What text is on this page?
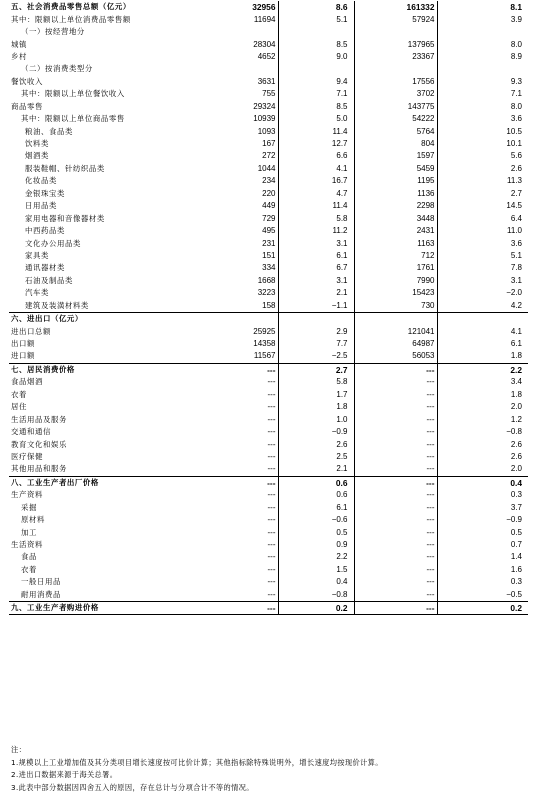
五、社会消费品零售总额（亿元）	32956	8.6	161332	8.1
其中：限额以上单位消费品零售额	11694	5.1	57924	3.9
（一）按经营地分				
城镇	28304	8.5	137965	8.0
乡村	4652	9.0	23367	8.9
（二）按消费类型分				
餐饮收入	3631	9.4	17556	9.3
其中：限额以上单位餐饮收入	755	7.1	3702	7.1
商品零售	29324	8.5	143775	8.0
其中：限额以上单位商品零售	10939	5.0	54222	3.6
粮油、食品类	1093	11.4	5764	10.5
饮料类	167	12.7	804	10.1
烟酒类	272	6.6	1597	5.6
服装鞋帽、针纺织品类	1044	4.1	5459	2.6
化妆品类	234	16.7	1195	11.3
金银珠宝类	220	4.7	1136	2.7
日用品类	449	11.4	2298	14.5
家用电器和音像器材类	729	5.8	3448	6.4
中西药品类	495	11.2	2431	11.0
文化办公用品类	231	3.1	1163	3.6
家具类	151	6.1	712	5.1
通讯器材类	334	6.7	1761	7.8
石油及制品类	1668	3.1	7990	3.1
汽车类	3223	2.1	15423	−2.0
建筑及装潢材料类	158	−1.1	730	4.2
六、进出口（亿元）				
进出口总额	25925	2.9	121041	4.1
出口额	14358	7.7	64987	6.1
进口额	11567	−2.5	56053	1.8
七、居民消费价格	---	2.7	---	2.2
食品烟酒	---	5.8	---	3.4
衣着	---	1.7	---	1.8
居住	---	1.8	---	2.0
生活用品及服务	---	1.0	---	1.2
交通和通信	---	−0.9	---	−0.8
教育文化和娱乐	---	2.6	---	2.6
医疗保健	---	2.5	---	2.6
其他用品和服务	---	2.1	---	2.0
八、工业生产者出厂价格	---	0.6	---	0.4
生产资料	---	0.6	---	0.3
采掘	---	6.1	---	3.7
原材料	---	−0.6	---	−0.9
加工	---	0.5	---	0.5
生活资料	---	0.9	---	0.7
食品	---	2.2	---	1.4
衣着	---	1.5	---	1.6
一般日用品	---	0.4	---	0.3
耐用消费品	---	−0.8	---	−0.5
九、工业生产者购进价格	---	0.2	---	0.2
注：
1.规模以上工业增加值及其分类项目增长速度按可比价计算；其他指标除特殊说明外，增长速度均按现价计算。
2.进出口数据来源于海关总署。
3.此表中部分数据因四舍五入的原因，存在总计与分项合计不等的情况。
